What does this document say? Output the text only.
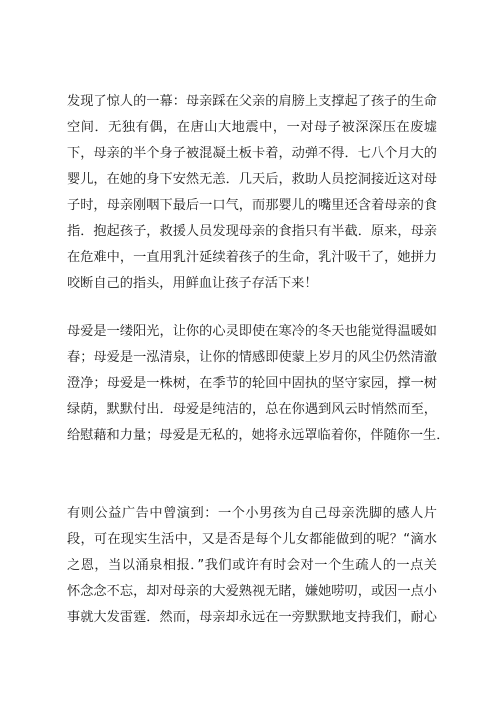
发现了惊人的一幕：母亲踩在父亲的肩膀上支撑起了孩子的生命
空间．无独有偶，在唐山大地震中，一对母子被深深压在废墟
下，母亲的半个身子被混凝土板卡着，动弹不得．七八个月大的
婴儿，在她的身下安然无恙．几天后，救助人员挖洞接近这对母
子时，母亲刚咽下最后一口气，而那婴儿的嘴里还含着母亲的食
指．抱起孩子，救援人员发现母亲的食指只有半截．原来，母亲
在危难中，一直用乳汁延续着孩子的生命，乳汁吸干了，她拼力
咬断自己的指头，用鲜血让孩子存活下来！
母爱是一缕阳光，让你的心灵即使在寒冷的冬天也能觉得温暖如
春；母爱是一泓清泉，让你的情感即使蒙上岁月的风尘仍然清澈
澄净；母爱是一株树，在季节的轮回中固执的坚守家园，撑一树
绿荫，默默付出．母爱是纯洁的，总在你遇到风云时悄然而至，
给慰藉和力量；母爱是无私的，她将永远罩临着你，伴随你一生．
有则公益广告中曾演到：一个小男孩为自己母亲洗脚的感人片
段，可在现实生活中，又是否是每个儿女都能做到的呢？“滴水
之恩，当以涌泉相报．”我们或许有时会对一个生疏人的一点关
怀念念不忘，却对母亲的大爱熟视无睹，嫌她唠叨，或因一点小
事就大发雷霆．然而，母亲却永远在一旁默默地支持我们，耐心
